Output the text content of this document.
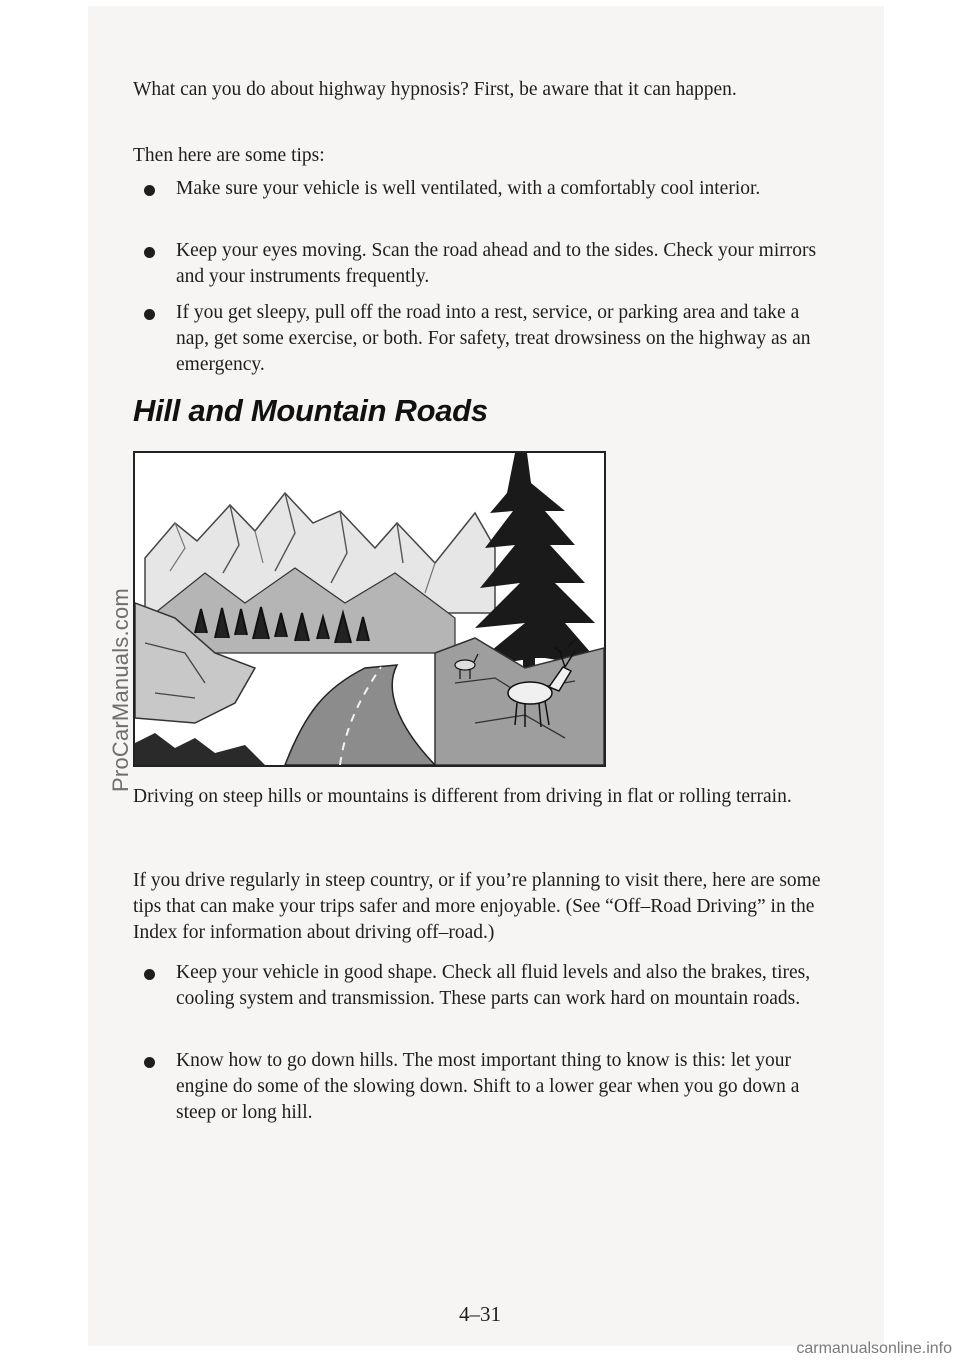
What can you do about highway hypnosis? First, be aware that it can happen.

Then here are some tips:

Make sure your vehicle is well ventilated, with a comfortably cool interior.

Keep your eyes moving. Scan the road ahead and to the sides. Check your mirrors and your instruments frequently.

If you get sleepy, pull off the road into a rest, service, or parking area and take a nap, get some exercise, or both. For safety, treat drowsiness on the highway as an emergency.

Hill and Mountain Roads

Driving on steep hills or mountains is different from driving in flat or rolling terrain.

If you drive regularly in steep country, or if you’re planning to visit there, here are some tips that can make your trips safer and more enjoyable. (See “Off–Road Driving” in the Index for information about driving off–road.)

Keep your vehicle in good shape. Check all fluid levels and also the brakes, tires, cooling system and transmission. These parts can work hard on mountain roads.

Know how to go down hills. The most important thing to know is this: let your engine do some of the slowing down. Shift to a lower gear when you go down a steep or long hill.

4–31

ProCarManuals.com
carmanualsonline.info
